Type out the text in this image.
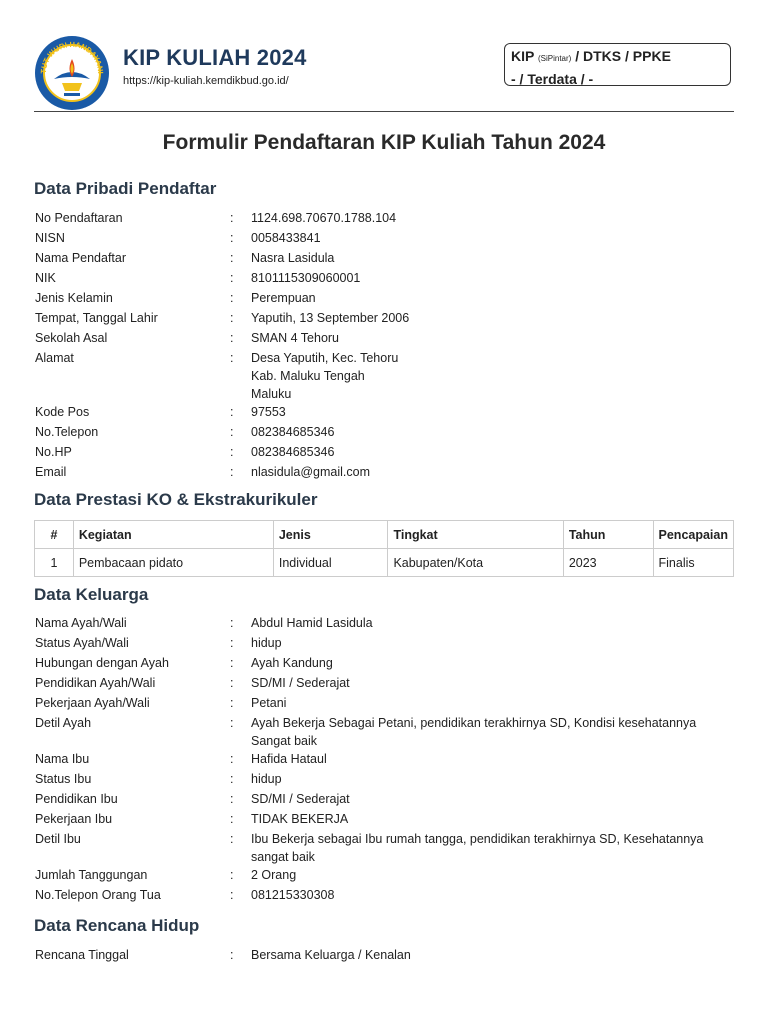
TUT WURI HANDAYANI
KIP KULIAH 2024
https://kip-kuliah.kemdikbud.go.id/
KIP (SiPintar) / DTKS / PPKE
- / Terdata / -
Formulir Pendaftaran KIP Kuliah Tahun 2024
Data Pribadi Pendaftar
No Pendaftaran	:	1124.698.70670.1788.104
NISN	:	0058433841
Nama Pendaftar	:	Nasra Lasidula
NIK	:	8101115309060001
Jenis Kelamin	:	Perempuan
Tempat, Tanggal Lahir	:	Yaputih, 13 September 2006
Sekolah Asal	:	SMAN 4 Tehoru
Alamat	:	Desa Yaputih, Kec. Tehoru
Kab. Maluku Tengah
Maluku
Kode Pos	:	97553
No.Telepon	:	082384685346
No.HP	:	082384685346
Email	:	nlasidula@gmail.com
Data Prestasi KO & Ekstrakurikuler
#	Kegiatan	Jenis	Tingkat	Tahun	Pencapaian
1	Pembacaan pidato	Individual	Kabupaten/Kota	2023	Finalis
Data Keluarga
Nama Ayah/Wali	:	Abdul Hamid Lasidula
Status Ayah/Wali	:	hidup
Hubungan dengan Ayah	:	Ayah Kandung
Pendidikan Ayah/Wali	:	SD/MI / Sederajat
Pekerjaan Ayah/Wali	:	Petani
Detil Ayah	:	Ayah Bekerja Sebagai Petani, pendidikan terakhirnya SD, Kondisi kesehatannya
Sangat baik
Nama Ibu	:	Hafida Hataul
Status Ibu	:	hidup
Pendidikan Ibu	:	SD/MI / Sederajat
Pekerjaan Ibu	:	TIDAK BEKERJA
Detil Ibu	:	Ibu Bekerja sebagai Ibu rumah tangga, pendidikan terakhirnya SD, Kesehatannya
sangat baik
Jumlah Tanggungan	:	2 Orang
No.Telepon Orang Tua	:	081215330308
Data Rencana Hidup
Rencana Tinggal	:	Bersama Keluarga / Kenalan
